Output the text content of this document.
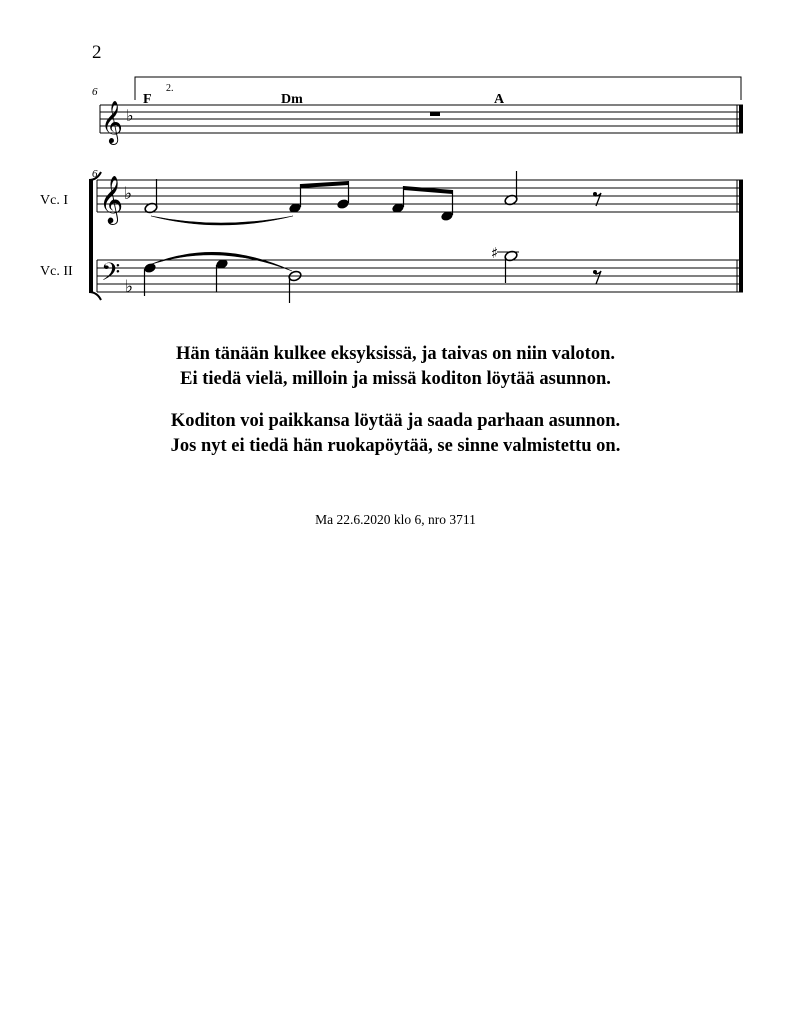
2
6
6
2.
F	Dm	A
𝄞 ♭
Vc. I 𝄞 ♭
Vc. II 𝄢 ♭
♯
Hän tänään kulkee eksyksissä, ja taivas on niin valoton.
Ei tiedä vielä, milloin ja missä koditon löytää asunnon.
Koditon voi paikkansa löytää ja saada parhaan asunnon.
Jos nyt ei tiedä hän ruokapöytää, se sinne valmistettu on.
Ma 22.6.2020 klo 6, nro 3711
